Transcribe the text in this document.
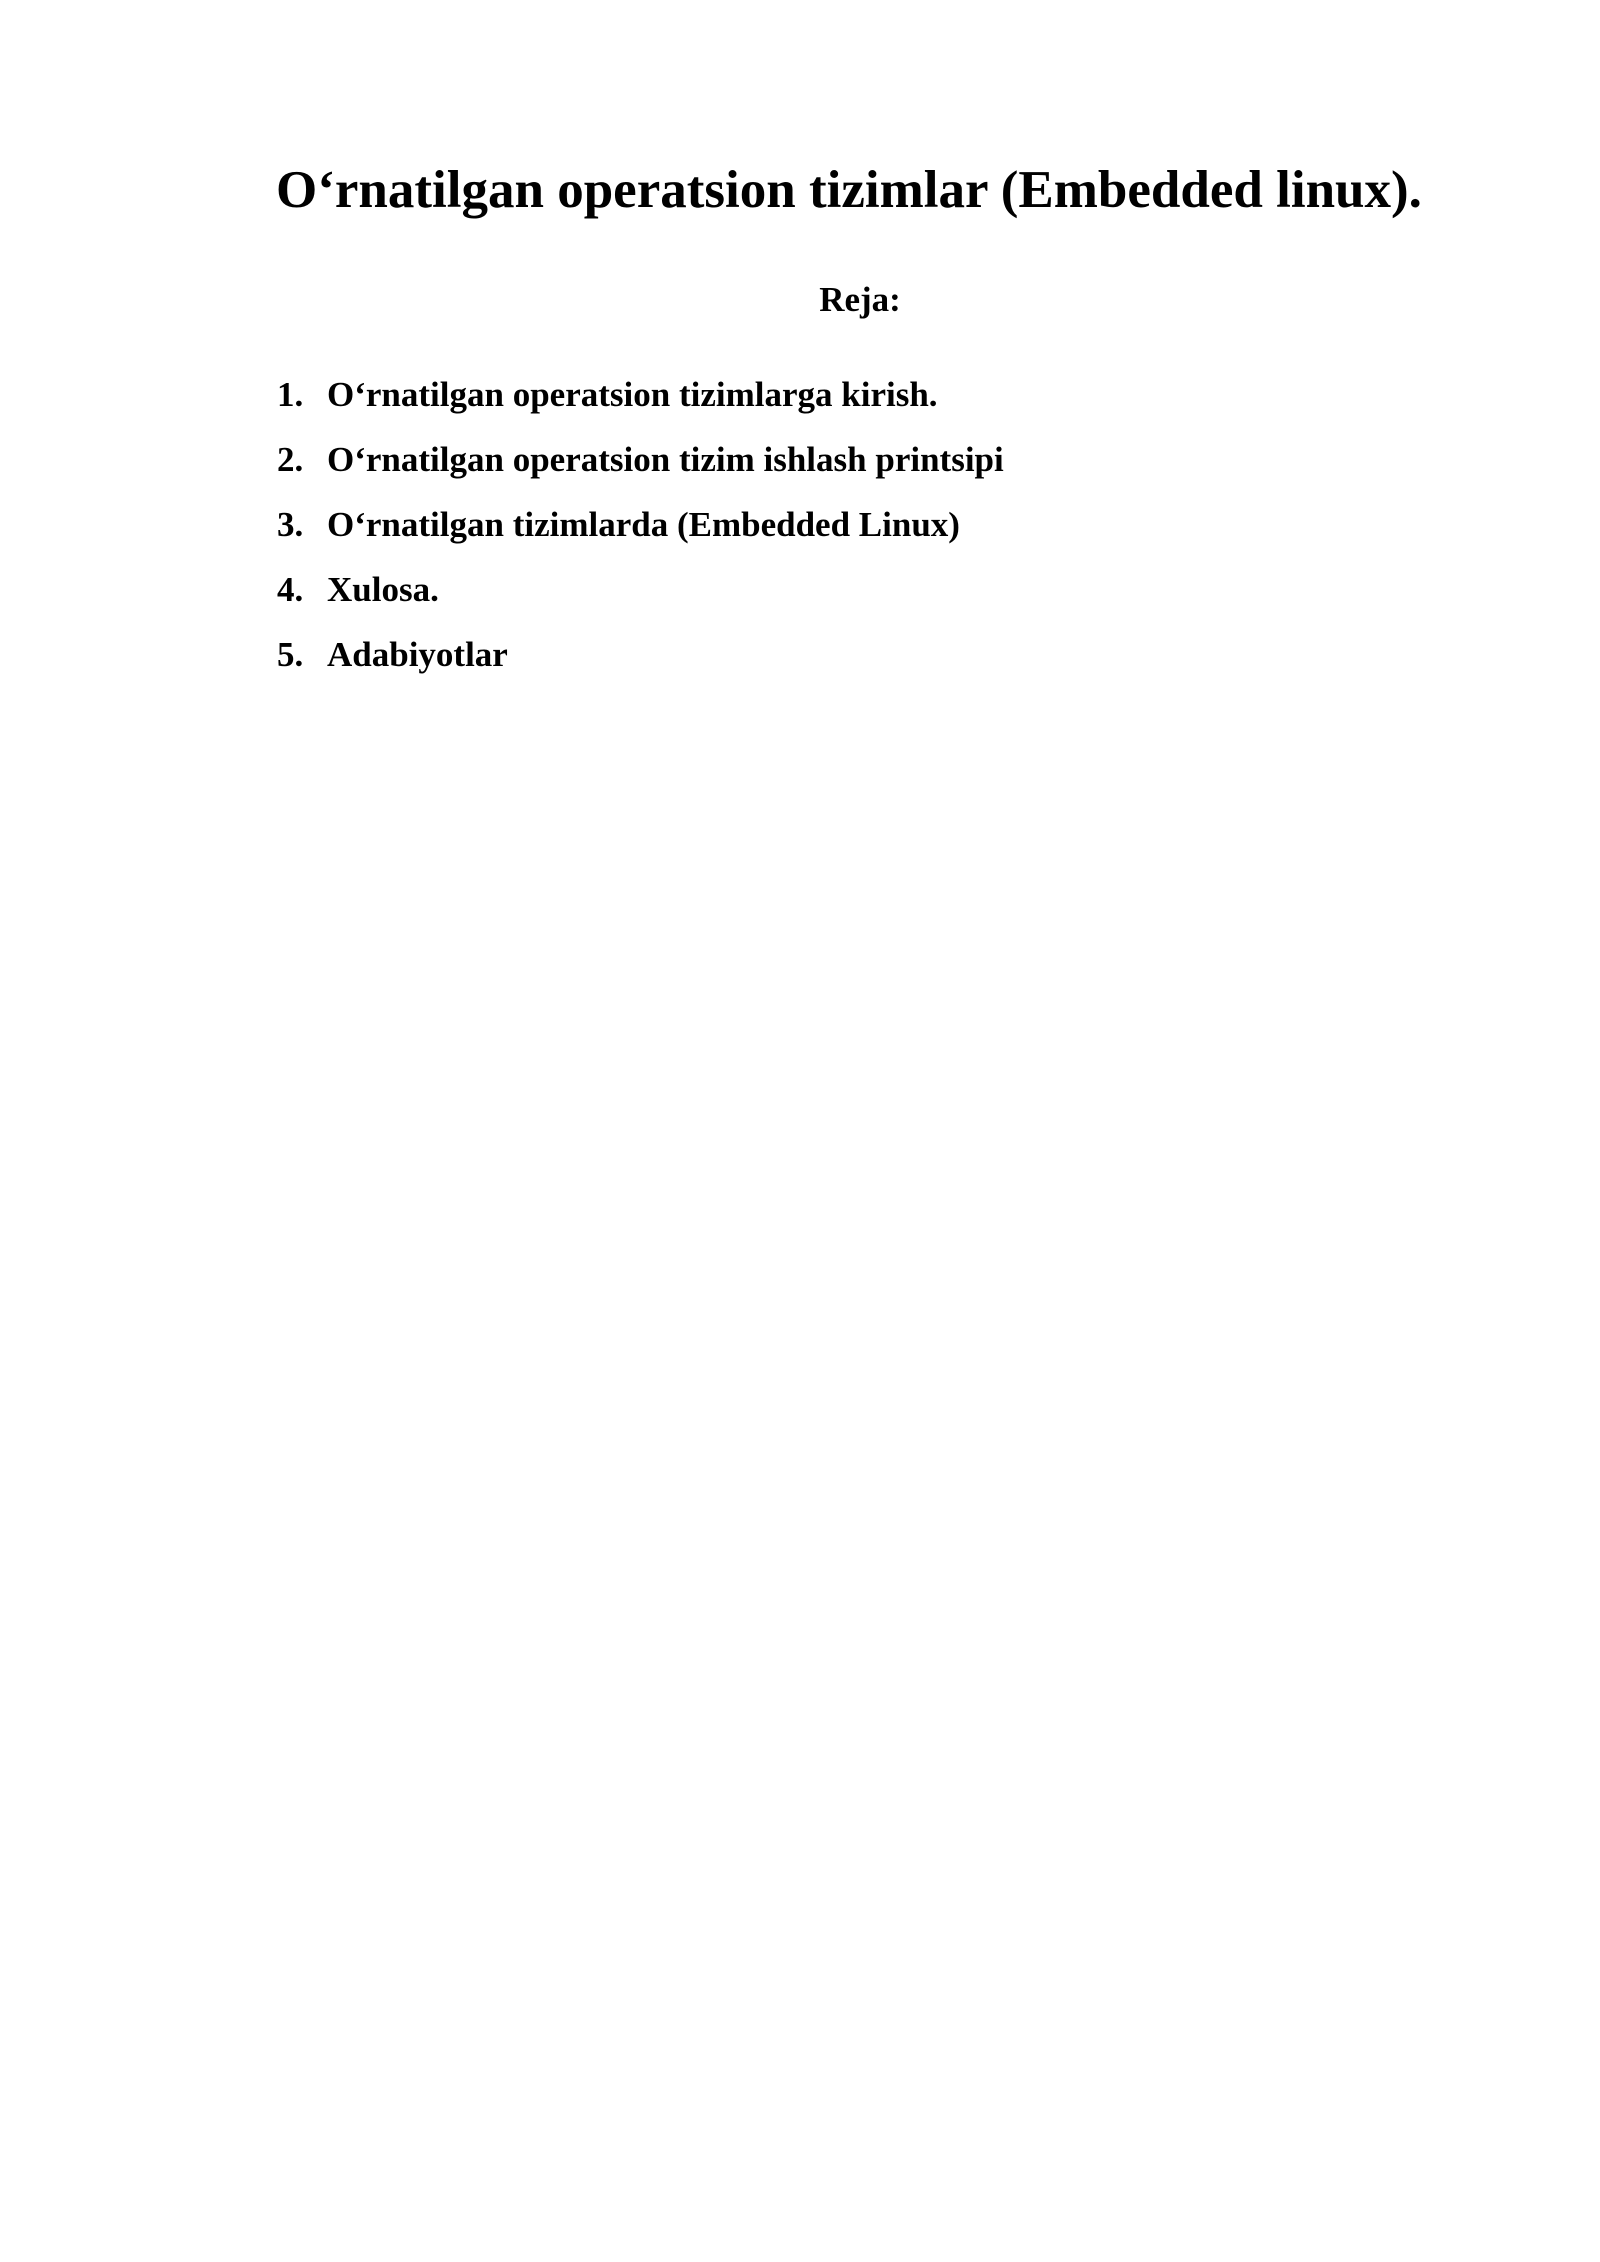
O‘rnatilgan operatsion tizimlar (Embedded linux).
Reja:
1. O‘rnatilgan operatsion tizimlarga kirish.
2. O‘rnatilgan operatsion tizim ishlash printsipi
3. O‘rnatilgan tizimlarda (Embedded Linux)
4. Xulosa.
5. Adabiyotlar
